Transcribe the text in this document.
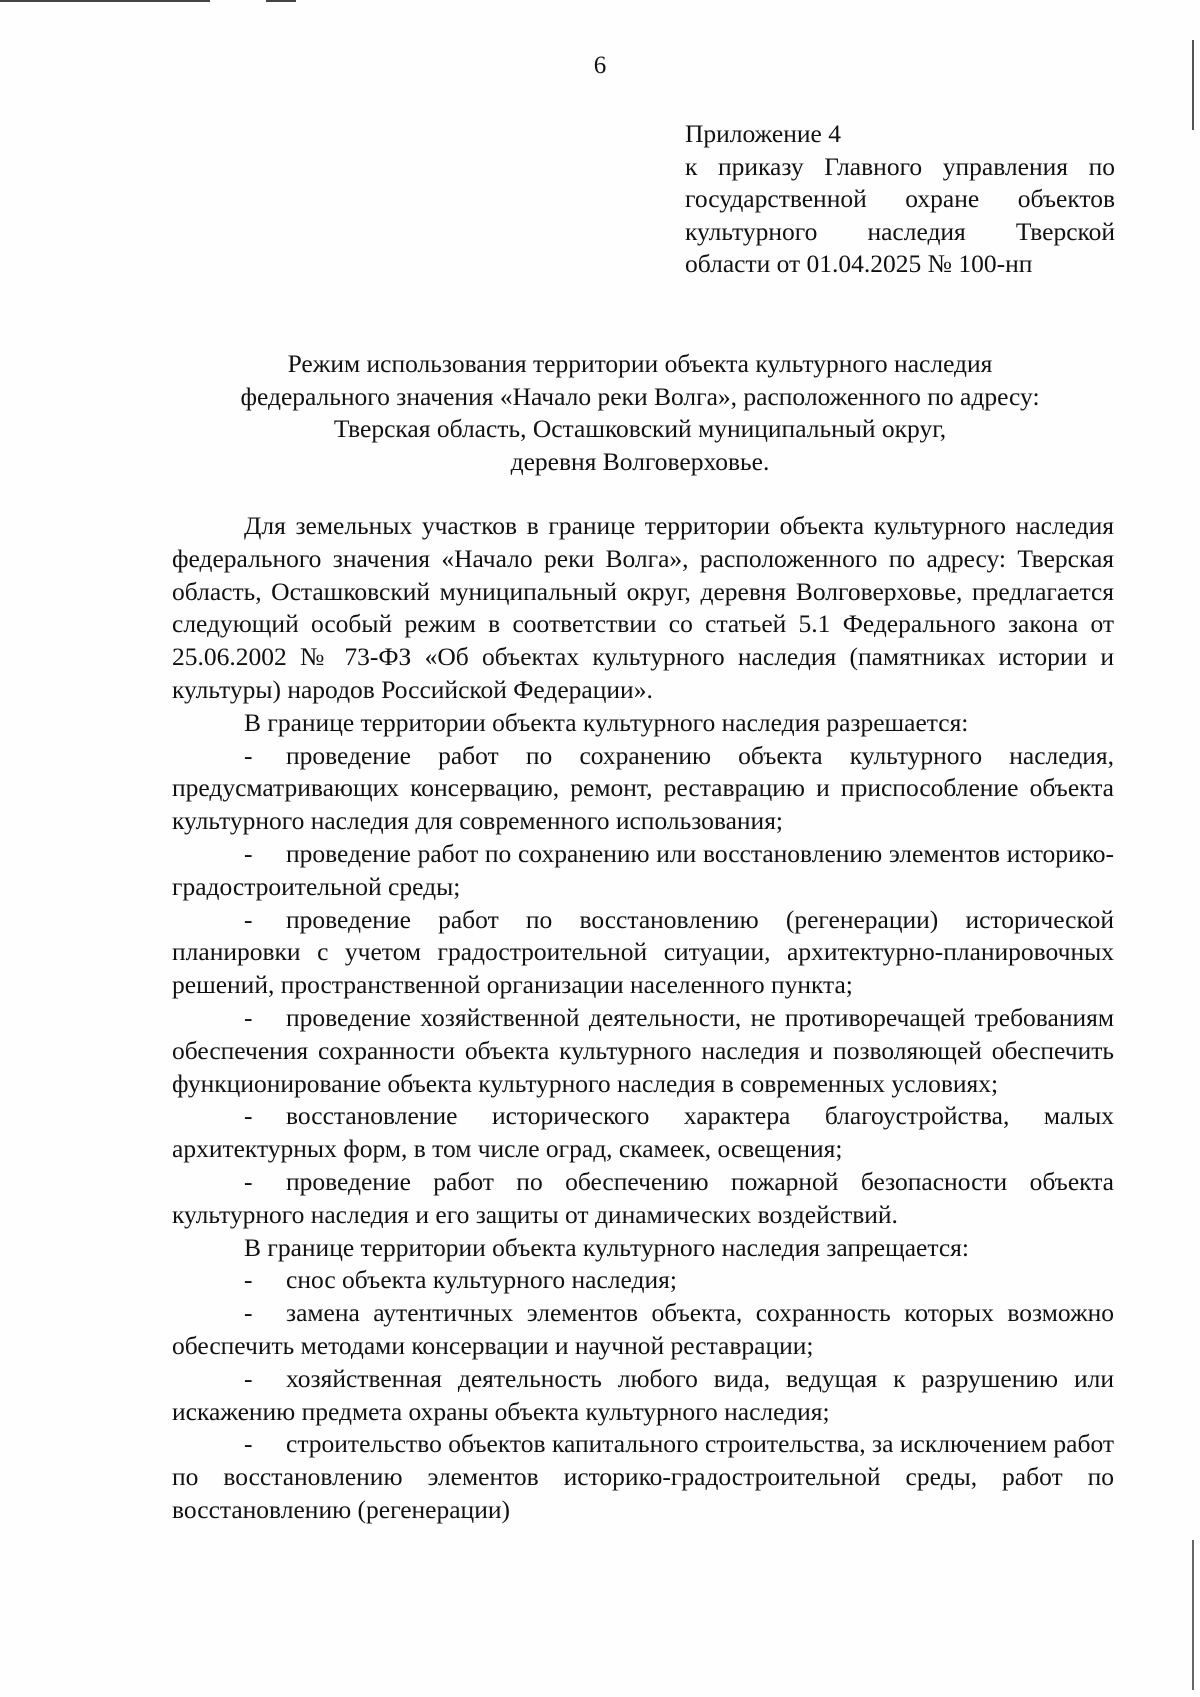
6
Приложение 4
к приказу Главного управления по
государственной охране объектов
культурного наследия Тверской
области от 01.04.2025 № 100-нп
Режим использования территории объекта культурного наследия
федерального значения «Начало реки Волга», расположенного по адресу:
Тверская область, Осташковский муниципальный округ,
деревня Волговерховье.

Для земельных участков в границе территории объекта культурного наследия федерального значения «Начало реки Волга», расположенного по адресу: Тверская область, Осташковский муниципальный округ, деревня Волговерховье, предлагается следующий особый режим в соответствии со статьей 5.1 Федерального закона от 25.06.2002 № 73-ФЗ «Об объектах культурного наследия (памятниках истории и культуры) народов Российской Федерации».

В границе территории объекта культурного наследия разрешается:

- проведение работ по сохранению объекта культурного наследия, предусматривающих консервацию, ремонт, реставрацию и приспособление объекта культурного наследия для современного использования;

- проведение работ по сохранению или восстановлению элементов историко-градостроительной среды;

- проведение работ по восстановлению (регенерации) исторической планировки с учетом градостроительной ситуации, архитектурно-планировочных решений, пространственной организации населенного пункта;

- проведение хозяйственной деятельности, не противоречащей требованиям обеспечения сохранности объекта культурного наследия и позволяющей обеспечить функционирование объекта культурного наследия в современных условиях;

- восстановление исторического характера благоустройства, малых архитектурных форм, в том числе оград, скамеек, освещения;

- проведение работ по обеспечению пожарной безопасности объекта культурного наследия и его защиты от динамических воздействий.

В границе территории объекта культурного наследия запрещается:

- снос объекта культурного наследия;

- замена аутентичных элементов объекта, сохранность которых возможно обеспечить методами консервации и научной реставрации;

- хозяйственная деятельность любого вида, ведущая к разрушению или искажению предмета охраны объекта культурного наследия;

- строительство объектов капитального строительства, за исключением работ по восстановлению элементов историко-градостроительной среды, работ по восстановлению (регенерации)
